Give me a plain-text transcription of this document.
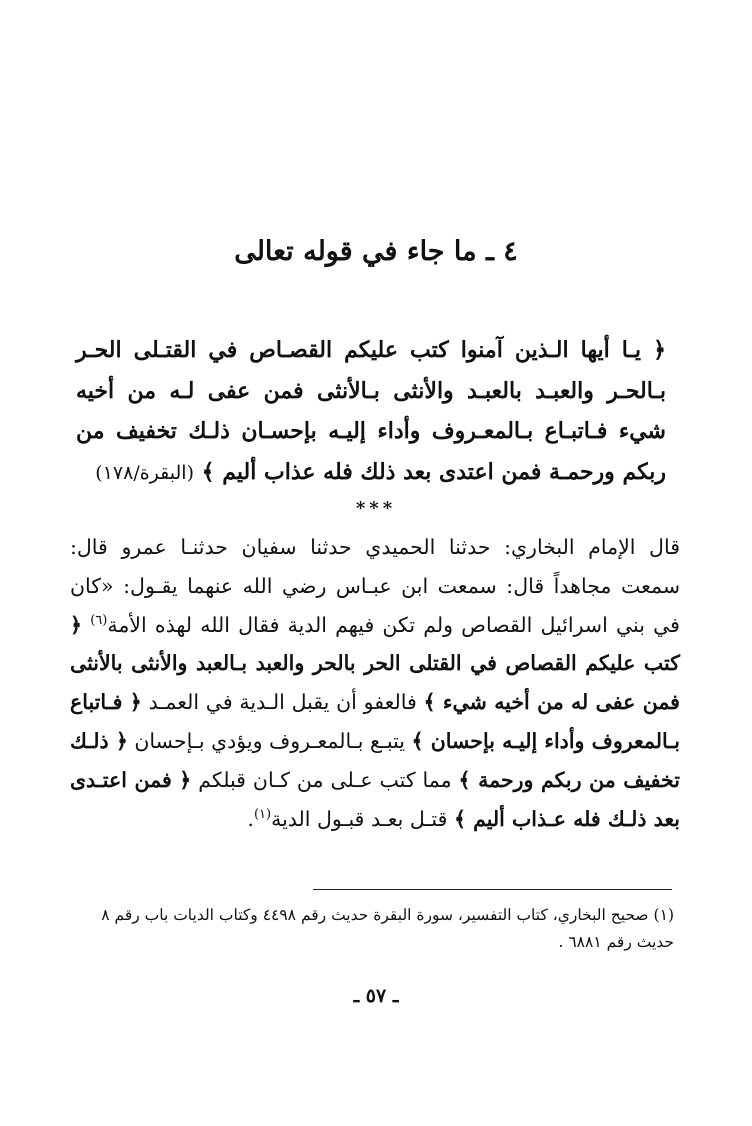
٤ ـ ما جاء في قوله تعالى
﴿ يـا أيها الـذين آمنوا كتب عليكم القصـاص في القتـلى الحـر بـالحـر والعبـد بالعبـد والأنثى بـالأنثى فمن عفى لـه من أخيه شيء فـاتبـاع بـالمعـروف وأداء إليـه بإحسـان ذلـك تخفيف من ربكم ورحمـة فمن اعتدى بعد ذلك فله عذاب أليم ﴾ (البقرة/١٧٨)
***
قال الإمام البخاري: حدثنا الحميدي حدثنا سفيان حدثنـا عمرو قال: سمعت مجاهداً قال: سمعت ابن عبـاس رضي الله عنهما يقـول: «كان في بني اسرائيل القصاص ولم تكن فيهم الدية فقال الله لهذه الأمة$^{(٦)}$ ﴿ كتب عليكم القصاص في القتلى الحر بالحر والعبد بـالعبد والأنثى بالأنثى فمن عفى له من أخيه شيء ﴾ فالعفو أن يقبل الـدية في العمـد ﴿ فـاتباع بـالمعروف وأداء إليـه بإحسان ﴾ يتبـع بـالمعـروف ويؤدي بـإحسان ﴿ ذلـك تخفيف من ربكم ورحمة ﴾ مما كتب عـلى من كـان قبلكم ﴿ فمن اعتـدى بعد ذلـك فله عـذاب أليم ﴾ قتـل بعـد قبـول الدية$^{(١)}$.
(١) صحيح البخاري، كتاب التفسير، سورة البقرة حديث رقم ٤٤٩٨ وكتاب الديات باب رقم ٨ حديث رقم ٦٨٨١ .
ـ ٥٧ ـ
